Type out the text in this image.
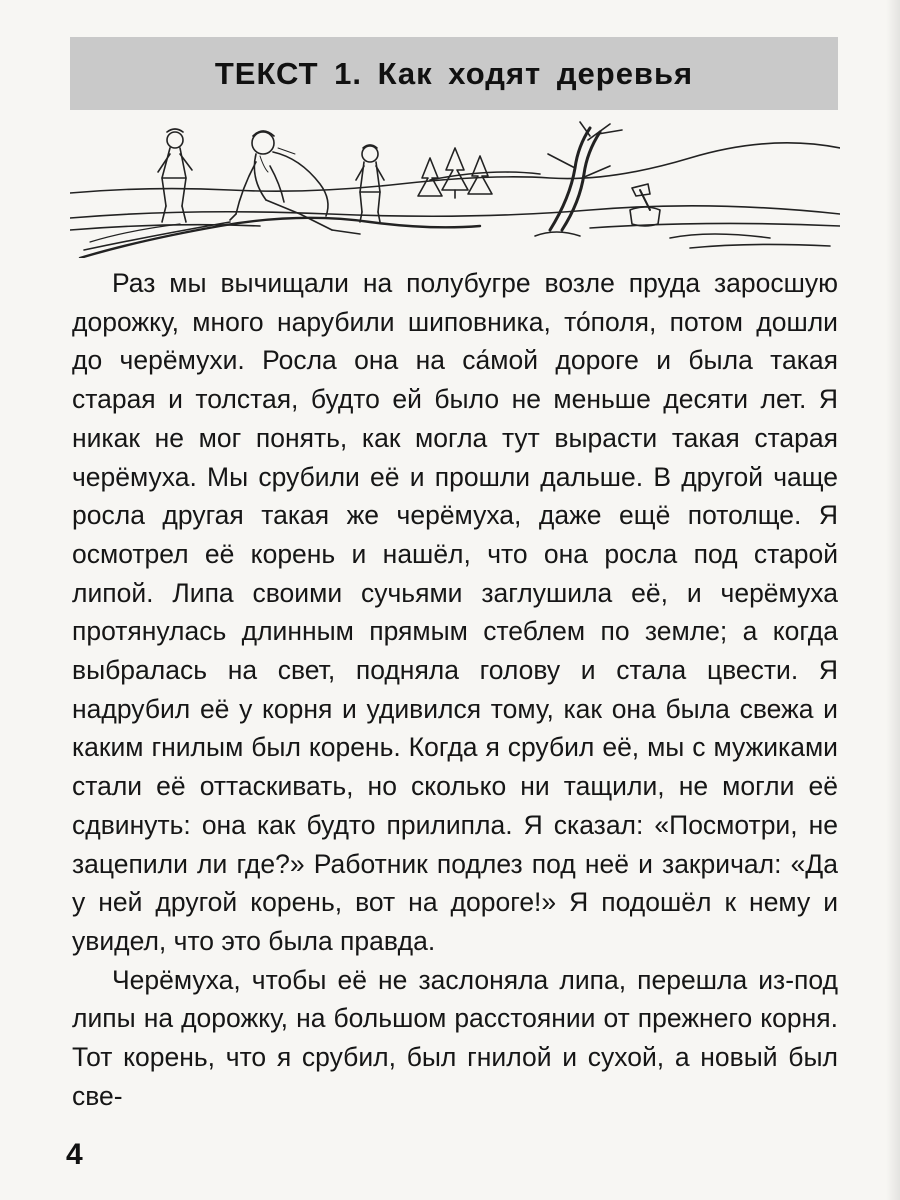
ТЕКСТ 1. Как ходят деревья

Раз мы вычищали на полубугре возле пруда заросшую дорожку, много нарубили шиповника, то́поля, потом дошли до черёмухи. Росла она на са́мой дороге и была такая старая и толстая, будто ей было не меньше десяти лет. Я никак не мог понять, как могла тут вырасти такая старая черёмуха. Мы срубили её и прошли дальше. В другой чаще росла другая такая же черёмуха, даже ещё потолще. Я осмотрел её корень и нашёл, что она росла под старой липой. Липа своими сучьями заглушила её, и черёмуха протянулась длинным прямым стеблем по земле; а когда выбралась на свет, подняла голову и стала цвести. Я надрубил её у корня и удивился тому, как она была свежа и каким гнилым был корень. Когда я срубил её, мы с мужиками стали её оттаскивать, но сколько ни тащили, не могли её сдвинуть: она как будто прилипла. Я сказал: «Посмотри, не зацепили ли где?» Работник подлез под неё и закричал: «Да у ней другой корень, вот на дороге!» Я подошёл к нему и увидел, что это была правда.

Черёмуха, чтобы её не заслоняла липа, перешла из-под липы на дорожку, на большом расстоянии от прежнего корня. Тот корень, что я срубил, был гнилой и сухой, а новый был све-

4
